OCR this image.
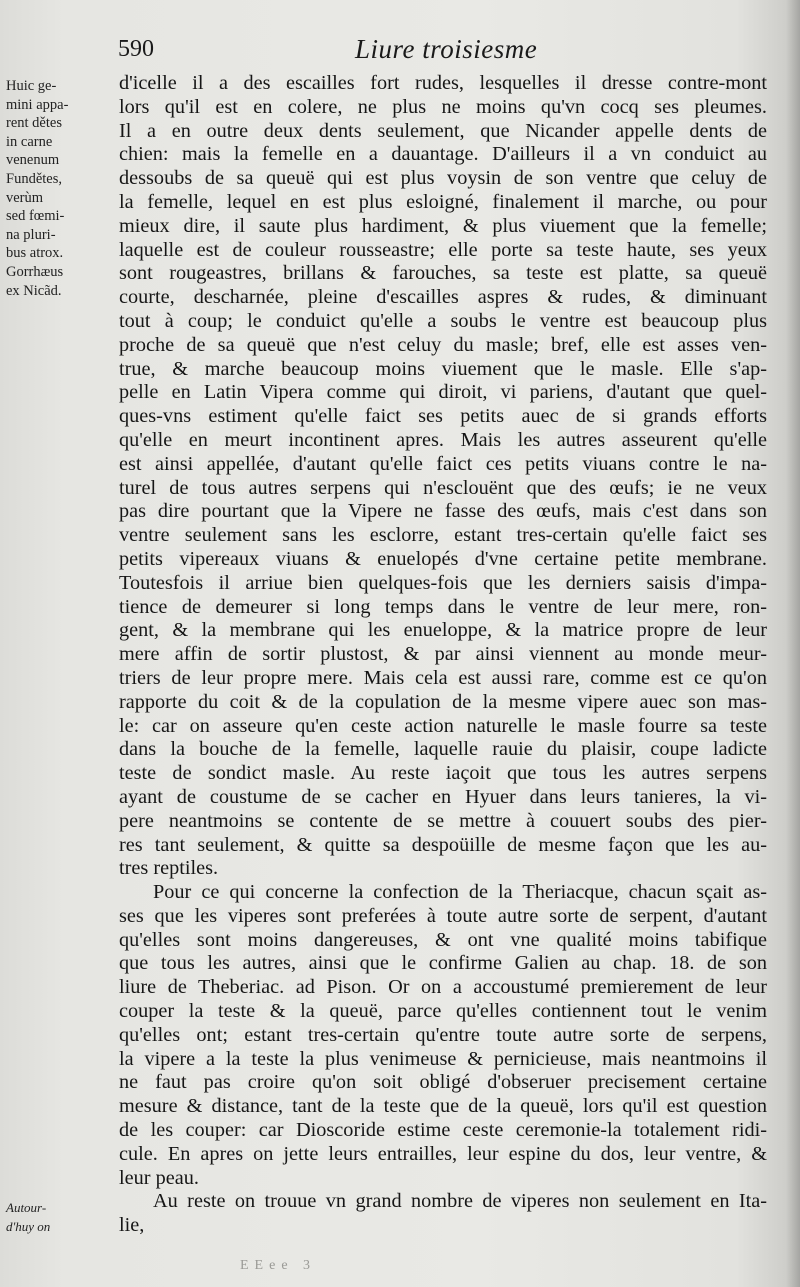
590	Liure troisiesme
Huic ge-
mini appa-
rent dětes
in carne
venenum
Fundětes,
verùm
sed fœmi-
na pluri-
bus atrox.
Gorrhæus
ex Nicãd.
Autour-
d'huy on
d'icelle il a des escailles fort rudes, lesquelles il dresse contre-mont
lors qu'il est en colere, ne plus ne moins qu'vn cocq ses pleumes.
Il a en outre deux dents seulement, que Nicander appelle dents de
chien: mais la femelle en a dauantage. D'ailleurs il a vn conduict au
dessoubs de sa queuë qui est plus voysin de son ventre que celuy de
la femelle, lequel en est plus esloigné, finalement il marche, ou pour
mieux dire, il saute plus hardiment, & plus viuement que la femelle;
laquelle est de couleur rousseastre; elle porte sa teste haute, ses yeux
sont rougeastres, brillans & farouches, sa teste est platte, sa queuë
courte, descharnée, pleine d'escailles aspres & rudes, & diminuant
tout à coup; le conduict qu'elle a soubs le ventre est beaucoup plus
proche de sa queuë que n'est celuy du masle; bref, elle est asses ven-
true, & marche beaucoup moins viuement que le masle. Elle s'ap-
pelle en Latin Vipera comme qui diroit, vi pariens, d'autant que quel-
ques-vns estiment qu'elle faict ses petits auec de si grands efforts
qu'elle en meurt incontinent apres. Mais les autres asseurent qu'elle
est ainsi appellée, d'autant qu'elle faict ces petits viuans contre le na-
turel de tous autres serpens qui n'esclouënt que des œufs; ie ne veux
pas dire pourtant que la Vipere ne fasse des œufs, mais c'est dans son
ventre seulement sans les esclorre, estant tres-certain qu'elle faict ses
petits vipereaux viuans & enuelopés d'vne certaine petite membrane.
Toutesfois il arriue bien quelques-fois que les derniers saisis d'impa-
tience de demeurer si long temps dans le ventre de leur mere, ron-
gent, & la membrane qui les enueloppe, & la matrice propre de leur
mere affin de sortir plustost, & par ainsi viennent au monde meur-
triers de leur propre mere. Mais cela est aussi rare, comme est ce qu'on
rapporte du coit & de la copulation de la mesme vipere auec son mas-
le: car on asseure qu'en ceste action naturelle le masle fourre sa teste
dans la bouche de la femelle, laquelle rauie du plaisir, coupe ladicte
teste de sondict masle. Au reste iaçoit que tous les autres serpens
ayant de coustume de se cacher en Hyuer dans leurs tanieres, la vi-
pere neantmoins se contente de se mettre à couuert soubs des pier-
res tant seulement, & quitte sa despoüille de mesme façon que les au-
tres reptiles.
Pour ce qui concerne la confection de la Theriacque, chacun sçait as-
ses que les viperes sont preferées à toute autre sorte de serpent, d'autant
qu'elles sont moins dangereuses, & ont vne qualité moins tabifique
que tous les autres, ainsi que le confirme Galien au chap. 18. de son
liure de Theberiac. ad Pison. Or on a accoustumé premierement de leur
couper la teste & la queuë, parce qu'elles contiennent tout le venim
qu'elles ont; estant tres-certain qu'entre toute autre sorte de serpens,
la vipere a la teste la plus venimeuse & pernicieuse, mais neantmoins il
ne faut pas croire qu'on soit obligé d'obseruer precisement certaine
mesure & distance, tant de la teste que de la queuë, lors qu'il est question
de les couper: car Dioscoride estime ceste ceremonie-la totalement ridi-
cule. En apres on jette leurs entrailles, leur espine du dos, leur ventre, &
leur peau.
Au reste on trouue vn grand nombre de viperes non seulement en Ita-
lie,
EEee 3
